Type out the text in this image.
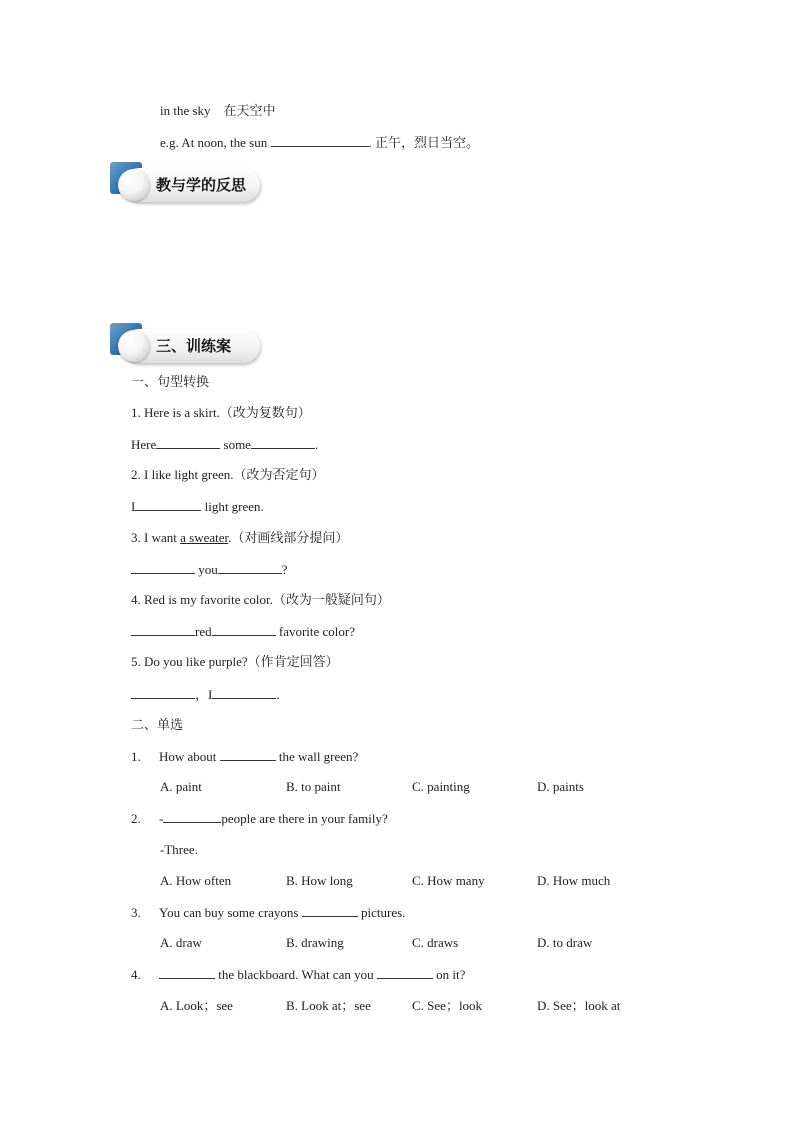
in the sky　在天空中
e.g. At noon, the sun	. 正午，烈日当空。
教与学的反思
三、训练案
一、句型转换
1. Here is a skirt.（改为复数句）
Here	some	.
2. I like light green.（改为否定句）
I	light green.
3. I want a sweater.（对画线部分提问）
you	?
4. Red is my favorite color.（改为一般疑问句）
red	favorite color?
5. Do you like purple?（作肯定回答）
，I	.
二、单选
1. How about	the wall green?
A. paint	B. to paint	C. painting	D. paints
2. -	people are there in your family?
-Three.
A. How often	B. How long	C. How many	D. How much
3. You can buy some crayons	pictures.
A. draw	B. drawing	C. draws	D. to draw
4.	the blackboard. What can you	on it?
A. Look；see	B. Look at；see	C. See；look	D. See；look at
